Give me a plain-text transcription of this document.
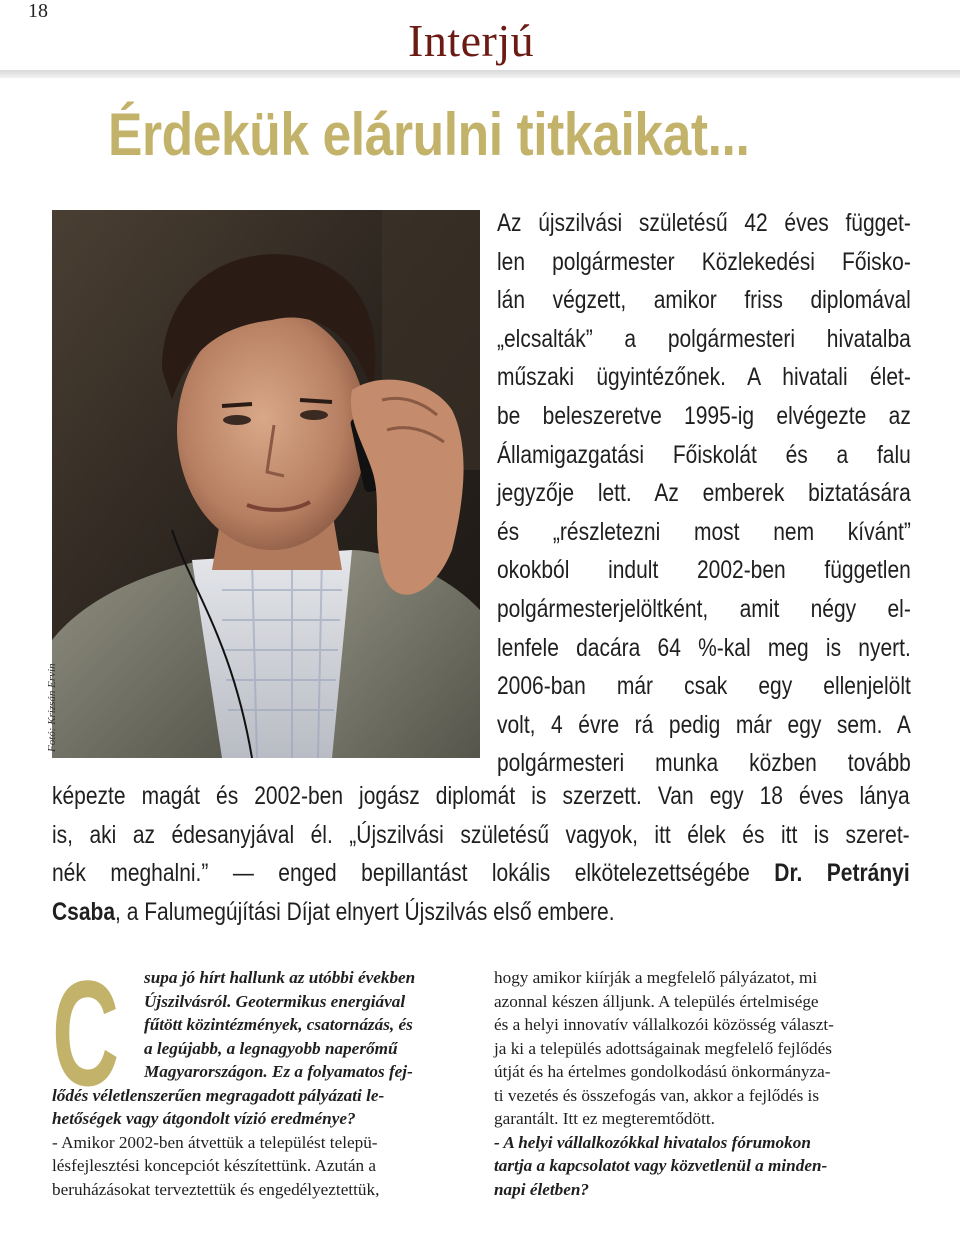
18
Interjú
Érdekük elárulni titkaikat...
Fotó: Krizsán Ervin
Az újszilvási születésű 42 éves függet-
len polgármester Közlekedési Főisko-
lán végzett, amikor friss diplomával
„elcsalták” a polgármesteri hivatalba
műszaki ügyintézőnek. A hivatali élet-
be beleszeretve 1995-ig elvégezte az
Államigazgatási Főiskolát és a falu
jegyzője lett. Az emberek biztatására
és „részletezni most nem kívánt”
okokból indult 2002-ben független
polgármesterjelöltként, amit négy el-
lenfele dacára 64 %-kal meg is nyert.
2006-ban már csak egy ellenjelölt
volt, 4 évre rá pedig már egy sem. A
polgármesteri munka közben tovább
képezte magát és 2002-ben jogász diplomát is szerzett. Van egy 18 éves lánya
is, aki az édesanyjával él. „Újszilvási születésű vagyok, itt élek és itt is szeret-
nék meghalni.” — enged bepillantást lokális elkötelezettségébe Dr. Petrányi
Csaba, a Falumegújítási Díjat elnyert Újszilvás első embere.
C	supa jó hírt hallunk az utóbbi években
Újszilvásról. Geotermikus energiával
fűtött közintézmények, csatornázás, és
a legújabb, a legnagyobb naperőmű
Magyarországon. Ez a folyamatos fej-
lődés véletlenszerűen megragadott pályázati le-
hetőségek vagy átgondolt vízió eredménye?
- Amikor 2002-ben átvettük a települést telepü-
lésfejlesztési koncepciót készítettünk. Azután a
beruházásokat terveztettük és engedélyeztettük,
hogy amikor kiírják a megfelelő pályázatot, mi
azonnal készen álljunk. A település értelmisége
és a helyi innovatív vállalkozói közösség választ-
ja ki a település adottságainak megfelelő fejlődés
útját és ha értelmes gondolkodású önkormányza-
ti vezetés és összefogás van, akkor a fejlődés is
garantált. Itt ez megteremtődött.
- A helyi vállalkozókkal hivatalos fórumokon
tartja a kapcsolatot vagy közvetlenül a minden-
napi életben?
